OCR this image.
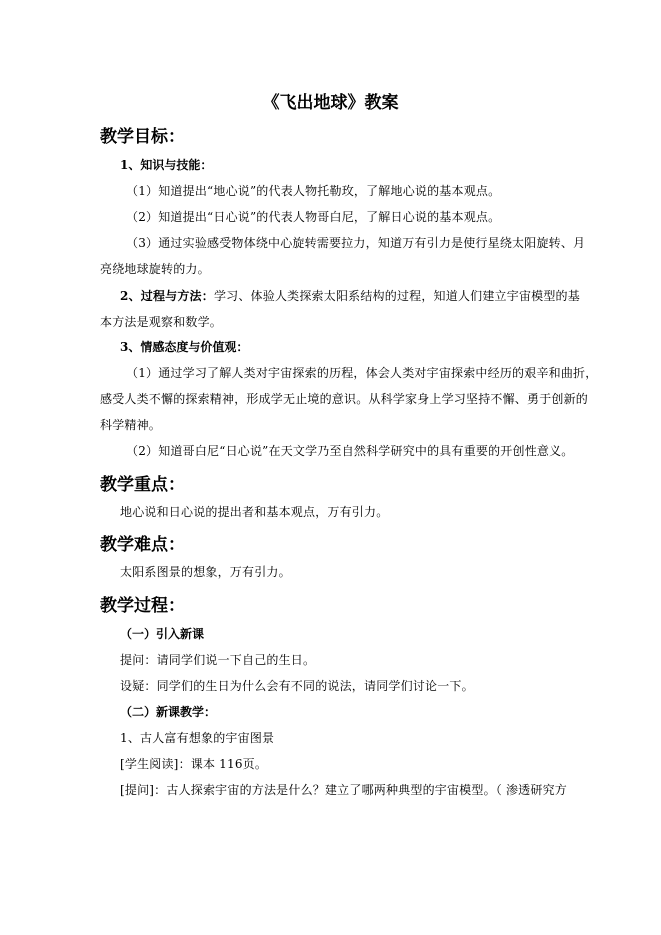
《飞出地球》教案
教学目标：
1、知识与技能：
（1）知道提出“地心说”的代表人物托勒玫，了解地心说的基本观点。
（2）知道提出“日心说”的代表人物哥白尼，了解日心说的基本观点。
（3）通过实验感受物体绕中心旋转需要拉力，知道万有引力是使行星绕太阳旋转、月
亮绕地球旋转的力。
2、过程与方法：学习、体验人类探索太阳系结构的过程，知道人们建立宇宙模型的基
本方法是观察和数学。
3、情感态度与价值观：
（1）通过学习了解人类对宇宙探索的历程，体会人类对宇宙探索中经历的艰辛和曲折，
感受人类不懈的探索精神，形成学无止境的意识。从科学家身上学习坚持不懈、勇于创新的
科学精神。
（2）知道哥白尼“日心说”在天文学乃至自然科学研究中的具有重要的开创性意义。
教学重点：
地心说和日心说的提出者和基本观点，万有引力。
教学难点：
太阳系图景的想象，万有引力。
教学过程：
（一）引入新课
提问：请同学们说一下自己的生日。
设疑：同学们的生日为什么会有不同的说法，请同学们讨论一下。
（二）新课教学：
1、古人富有想象的宇宙图景
[学生阅读]：课本 116页。
[提问]：古人探索宇宙的方法是什么？建立了哪两种典型的宇宙模型。（ 渗透研究方
